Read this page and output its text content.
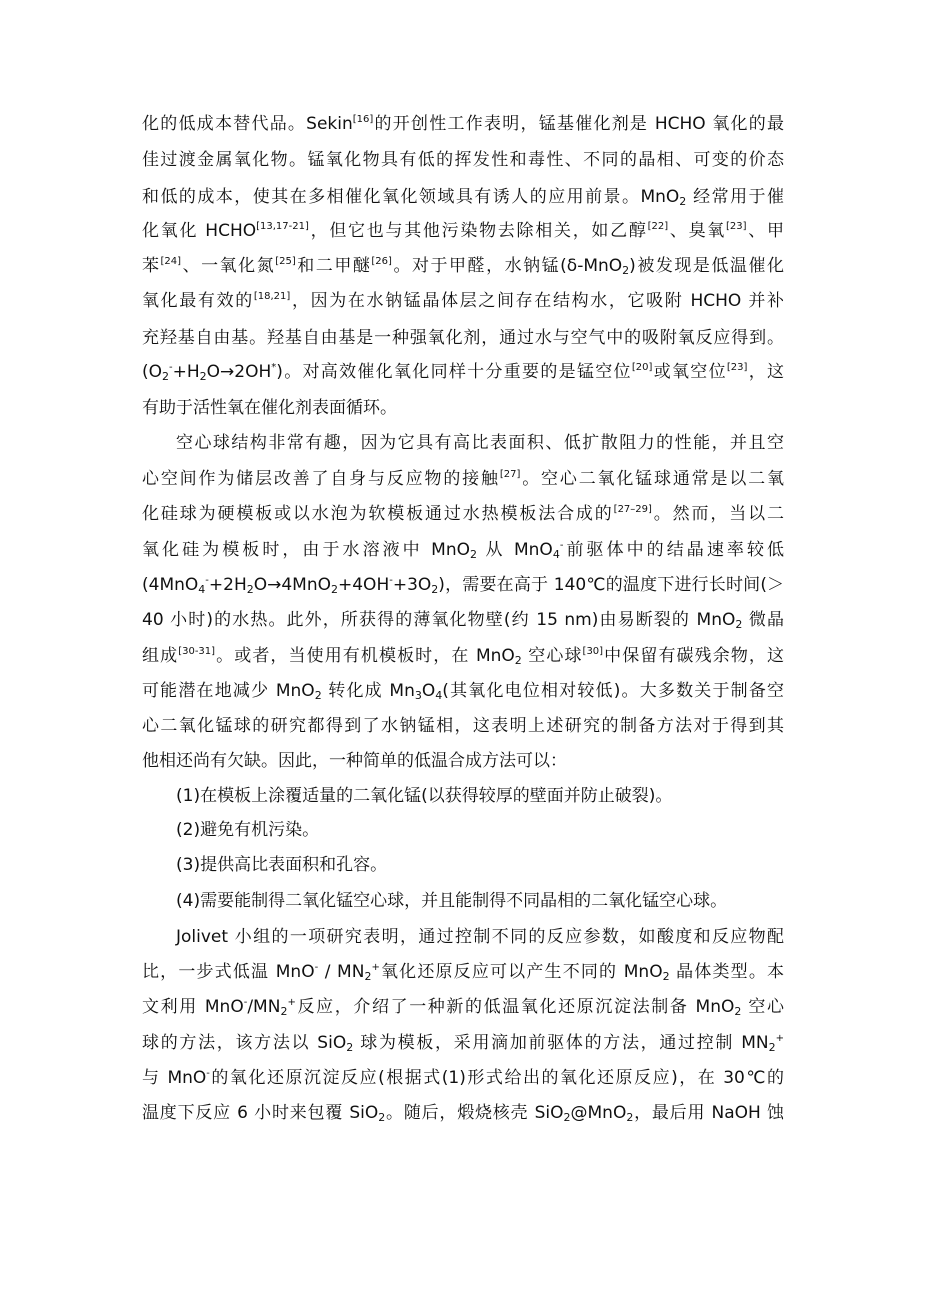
化的低成本替代品。Sekin[16]的开创性工作表明，锰基催化剂是 HCHO 氧化的最
佳过渡金属氧化物。锰氧化物具有低的挥发性和毒性、不同的晶相、可变的价态
和低的成本，使其在多相催化氧化领域具有诱人的应用前景。MnO$_2$ 经常用于催
化氧化 HCHO[13,17-21]，但它也与其他污染物去除相关，如乙醇[22]、臭氧[23]、甲
苯[24]、一氧化氮[25]和二甲醚[26]。对于甲醛，水钠锰(δ-MnO$_2$)被发现是低温催化
氧化最有效的[18,21]，因为在水钠锰晶体层之间存在结构水，它吸附 HCHO 并补
充羟基自由基。羟基自由基是一种强氧化剂，通过水与空气中的吸附氧反应得到。
$(O_2^-+H_2O\to 2OH^*)$。对高效催化氧化同样十分重要的是锰空位[20]或氧空位[23]，这
有助于活性氧在催化剂表面循环。
空心球结构非常有趣，因为它具有高比表面积、低扩散阻力的性能，并且空
心空间作为储层改善了自身与反应物的接触[27]。空心二氧化锰球通常是以二氧
化硅球为硬模板或以水泡为软模板通过水热模板法合成的[27–29]。然而，当以二
氧化硅为模板时，由于水溶液中 MnO$_2$ 从 MnO$_4$-前驱体中的结晶速率较低
$(4MnO_4^-+2H_2O\to 4MnO_2+4OH^-+3O_2)$，需要在高于 140℃的温度下进行长时间(＞
40 小时)的水热。此外，所获得的薄氧化物壁(约 15 nm)由易断裂的 MnO$_2$ 微晶
组成[30-31]。或者，当使用有机模板时，在 MnO$_2$ 空心球[30]中保留有碳残余物，这
可能潜在地减少 MnO$_2$ 转化成 $Mn_3O_4$(其氧化电位相对较低)。大多数关于制备空
心二氧化锰球的研究都得到了水钠锰相，这表明上述研究的制备方法对于得到其
他相还尚有欠缺。因此，一种简单的低温合成方法可以：
(1)在模板上涂覆适量的二氧化锰(以获得较厚的壁面并防止破裂)。
(2)避免有机污染。
(3)提供高比表面积和孔容。
(4)需要能制得二氧化锰空心球，并且能制得不同晶相的二氧化锰空心球。
Jolivet 小组的一项研究表明，通过控制不同的反应参数，如酸度和反应物配
比，一步式低温 $MnO^- / MN_2^+$氧化还原反应可以产生不同的 MnO$_2$ 晶体类型。本
文利用 $MnO^-/MN_2^+$反应，介绍了一种新的低温氧化还原沉淀法制备 MnO$_2$ 空心
球的方法，该方法以 SiO$_2$ 球为模板，采用滴加前驱体的方法，通过控制 $MN_2^+$
与 MnO-的氧化还原沉淀反应(根据式(1)形式给出的氧化还原反应)，在 30℃的
温度下反应 6 小时来包覆 SiO$_2$。随后，煅烧核壳 SiO$_2$@MnO$_2$，最后用 NaOH 蚀
